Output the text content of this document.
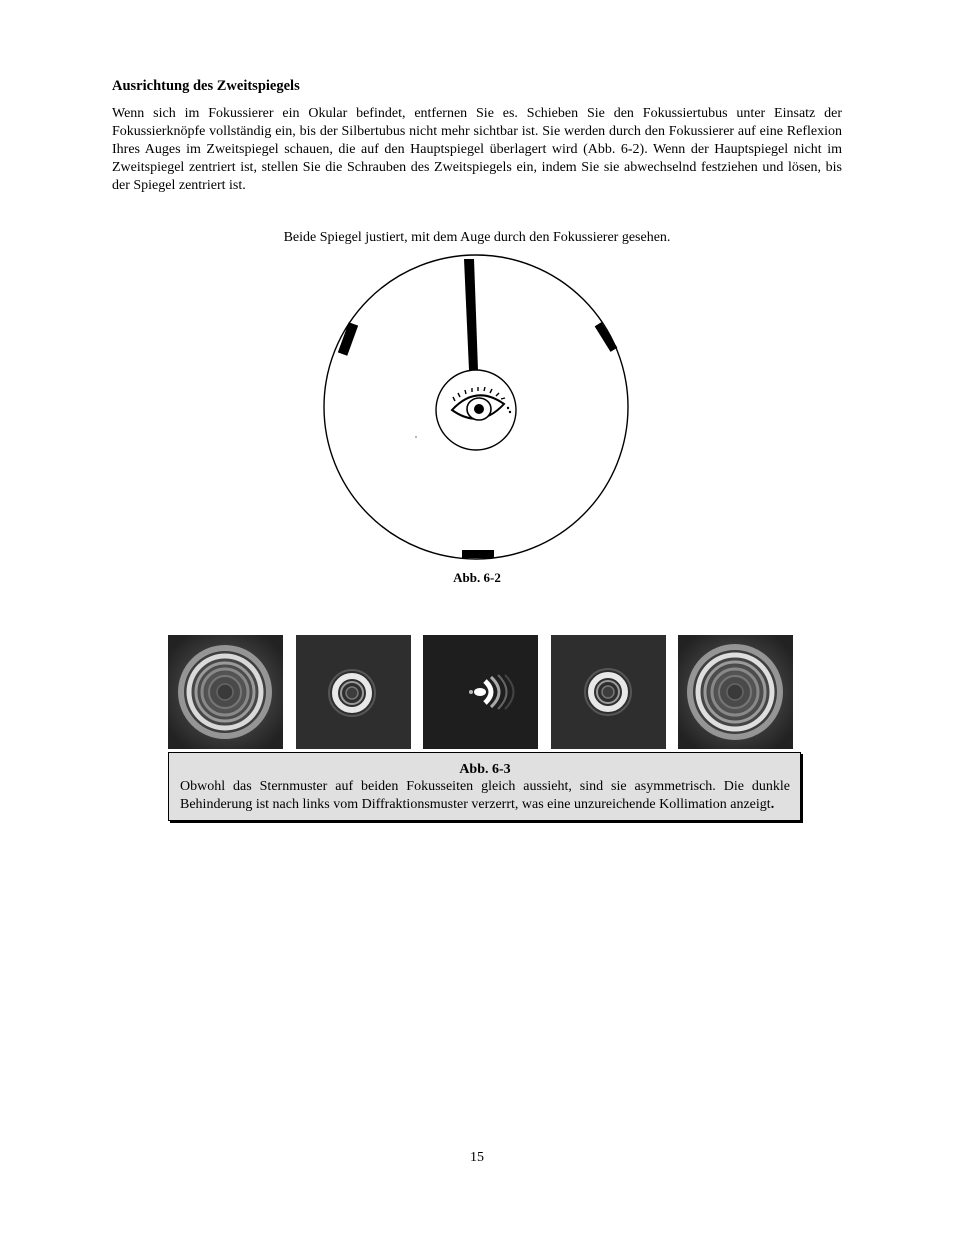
Ausrichtung des Zweitspiegels
Wenn sich im Fokussierer ein Okular befindet, entfernen Sie es. Schieben Sie den Fokussiertubus unter Einsatz der Fokussierknöpfe vollständig ein, bis der Silbertubus nicht mehr sichtbar ist. Sie werden durch den Fokussierer auf eine Reflexion Ihres Auges im Zweitspiegel schauen, die auf den Hauptspiegel überlagert wird (Abb. 6-2). Wenn der Hauptspiegel nicht im Zweitspiegel zentriert ist, stellen Sie die Schrauben des Zweitspiegels ein, indem Sie sie abwechselnd festziehen und lösen, bis der Spiegel zentriert ist.
Beide Spiegel justiert, mit dem Auge durch den Fokussierer gesehen.
Abb. 6-2
Abb. 6-3
Obwohl das Sternmuster auf beiden Fokusseiten gleich aussieht, sind sie asymmetrisch. Die dunkle Behinderung ist nach links vom Diffraktionsmuster verzerrt, was eine unzureichende Kollimation anzeigt.
15
